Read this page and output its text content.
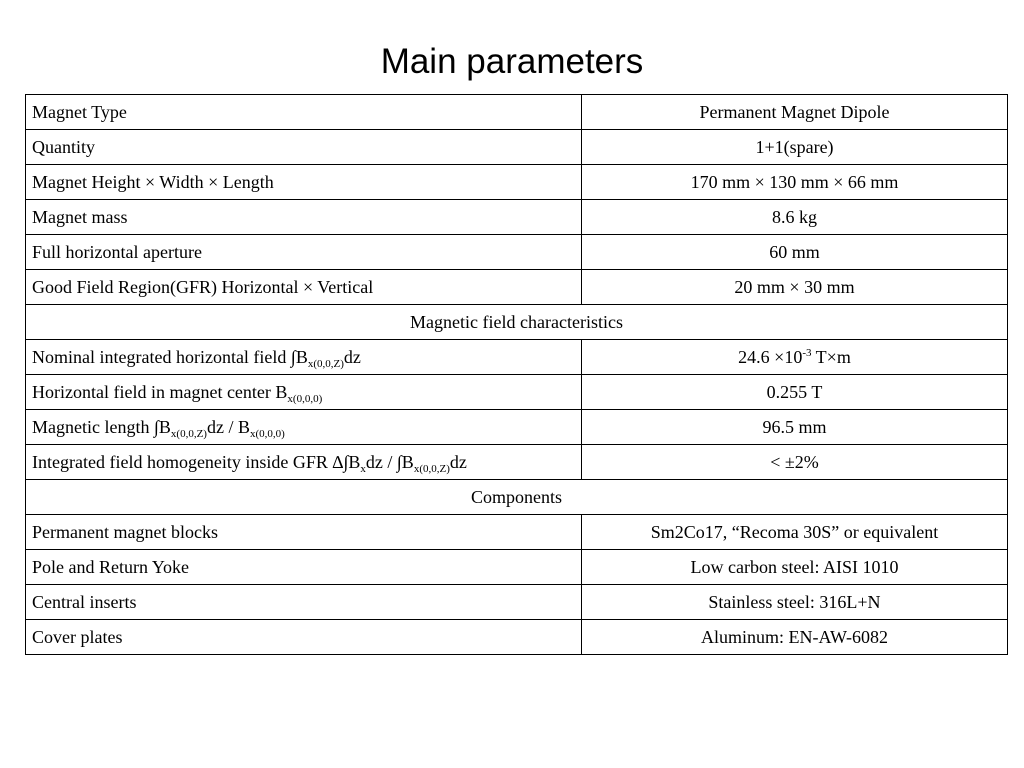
Main parameters
Magnet Type	Permanent Magnet Dipole
Quantity	1+1(spare)
Magnet Height × Width × Length	170 mm × 130 mm × 66 mm
Magnet mass	8.6 kg
Full horizontal aperture	60 mm
Good Field Region(GFR) Horizontal × Vertical	20 mm × 30 mm
Magnetic field characteristics	
Nominal integrated horizontal field $\int B_{x(0,0,Z)}dz$	$24.6 \times 10^{-3}$ T×m
Horizontal field in magnet center $B_{x(0,0,0)}$	0.255 T
Magnetic length $\int B_{x(0,0,Z)}dz / B_{x(0,0,0)}$	96.5 mm
Integrated field homogeneity inside GFR $\Delta\int B_xdz / \int B_{x(0,0,Z)}dz$	< ±2%
Components	
Permanent magnet blocks	Sm2Co17, “Recoma 30S” or equivalent
Pole and Return Yoke	Low carbon steel: AISI 1010
Central inserts	Stainless steel: 316L+N
Cover plates	Aluminum: EN-AW-6082
